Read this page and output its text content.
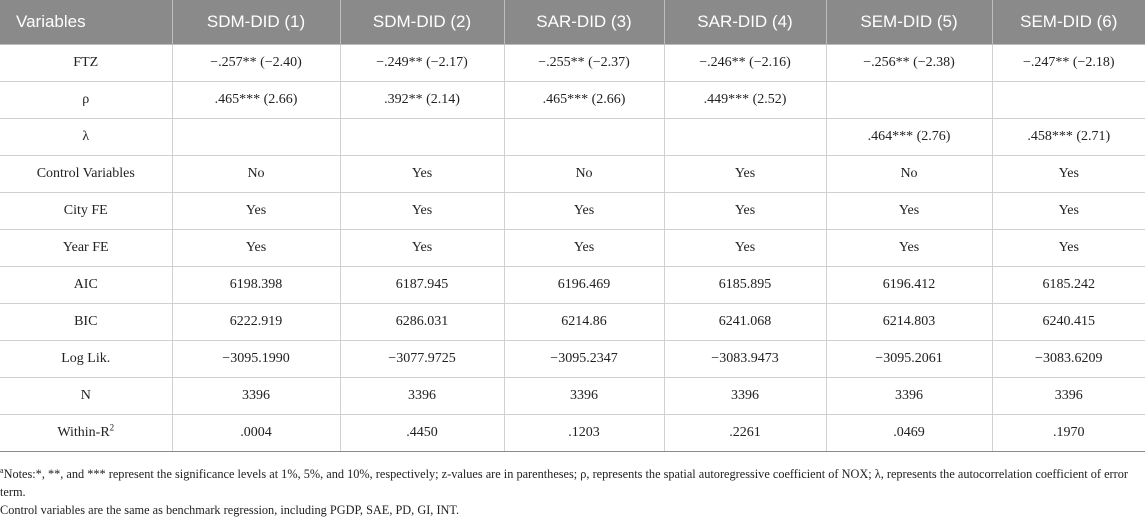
Variables	SDM-DID (1)	SDM-DID (2)	SAR-DID (3)	SAR-DID (4)	SEM-DID (5)	SEM-DID (6)
FTZ	−.257** (−2.40)	−.249** (−2.17)	−.255** (−2.37)	−.246** (−2.16)	−.256** (−2.38)	−.247** (−2.18)
ρ	.465*** (2.66)	.392** (2.14)	.465*** (2.66)	.449*** (2.52)		
λ					.464*** (2.76)	.458*** (2.71)
Control Variables	No	Yes	No	Yes	No	Yes
City FE	Yes	Yes	Yes	Yes	Yes	Yes
Year FE	Yes	Yes	Yes	Yes	Yes	Yes
AIC	6198.398	6187.945	6196.469	6185.895	6196.412	6185.242
BIC	6222.919	6286.031	6214.86	6241.068	6214.803	6240.415
Log Lik.	−3095.1990	−3077.9725	−3095.2347	−3083.9473	−3095.2061	−3083.6209
N	3396	3396	3396	3396	3396	3396
Within-$R^2$	.0004	.4450	.1203	.2261	.0469	.1970

$^a$Notes:*, **, and *** represent the significance levels at 1%, 5%, and 10%, respectively; z-values are in parentheses; ρ, represents the spatial autoregressive coefficient of NOX; λ, represents the autocorrelation coefficient of error term.

Control variables are the same as benchmark regression, including PGDP, SAE, PD, GI, INT.
